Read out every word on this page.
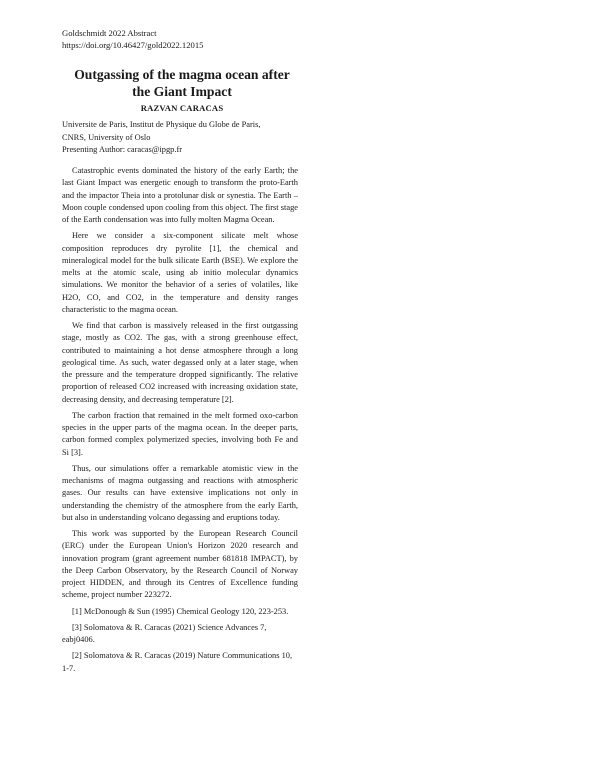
Goldschmidt 2022 Abstract
https://doi.org/10.46427/gold2022.12015
Outgassing of the magma ocean after
the Giant Impact
RAZVAN CARACAS
Universite de Paris, Institut de Physique du Globe de Paris,
CNRS, University of Oslo
Presenting Author: caracas@ipgp.fr

Catastrophic events dominated the history of the early Earth; the last Giant Impact was energetic enough to transform the proto-Earth and the impactor Theia into a protolunar disk or synestia. The Earth – Moon couple condensed upon cooling from this object. The first stage of the Earth condensation was into fully molten Magma Ocean.

Here we consider a six-component silicate melt whose composition reproduces dry pyrolite [1], the chemical and mineralogical model for the bulk silicate Earth (BSE). We explore the melts at the atomic scale, using ab initio molecular dynamics simulations. We monitor the behavior of a series of volatiles, like H2O, CO, and CO2, in the temperature and density ranges characteristic to the magma ocean.

We find that carbon is massively released in the first outgassing stage, mostly as CO2. The gas, with a strong greenhouse effect, contributed to maintaining a hot dense atmosphere through a long geological time. As such, water degassed only at a later stage, when the pressure and the temperature dropped significantly. The relative proportion of released CO2 increased with increasing oxidation state, decreasing density, and decreasing temperature [2].

The carbon fraction that remained in the melt formed oxo-carbon species in the upper parts of the magma ocean. In the deeper parts, carbon formed complex polymerized species, involving both Fe and Si [3].

Thus, our simulations offer a remarkable atomistic view in the mechanisms of magma outgassing and reactions with atmospheric gases. Our results can have extensive implications not only in understanding the chemistry of the atmosphere from the early Earth, but also in understanding volcano degassing and eruptions today.

This work was supported by the European Research Council (ERC) under the European Union's Horizon 2020 research and innovation program (grant agreement number 681818 IMPACT), by the Deep Carbon Observatory, by the Research Council of Norway project HIDDEN, and through its Centres of Excellence funding scheme, project number 223272.

[1] McDonough & Sun (1995) Chemical Geology 120, 223-253.

[3] Solomatova & R. Caracas (2021) Science Advances 7, eabj0406.

[2] Solomatova & R. Caracas (2019) Nature Communications 10, 1-7.
